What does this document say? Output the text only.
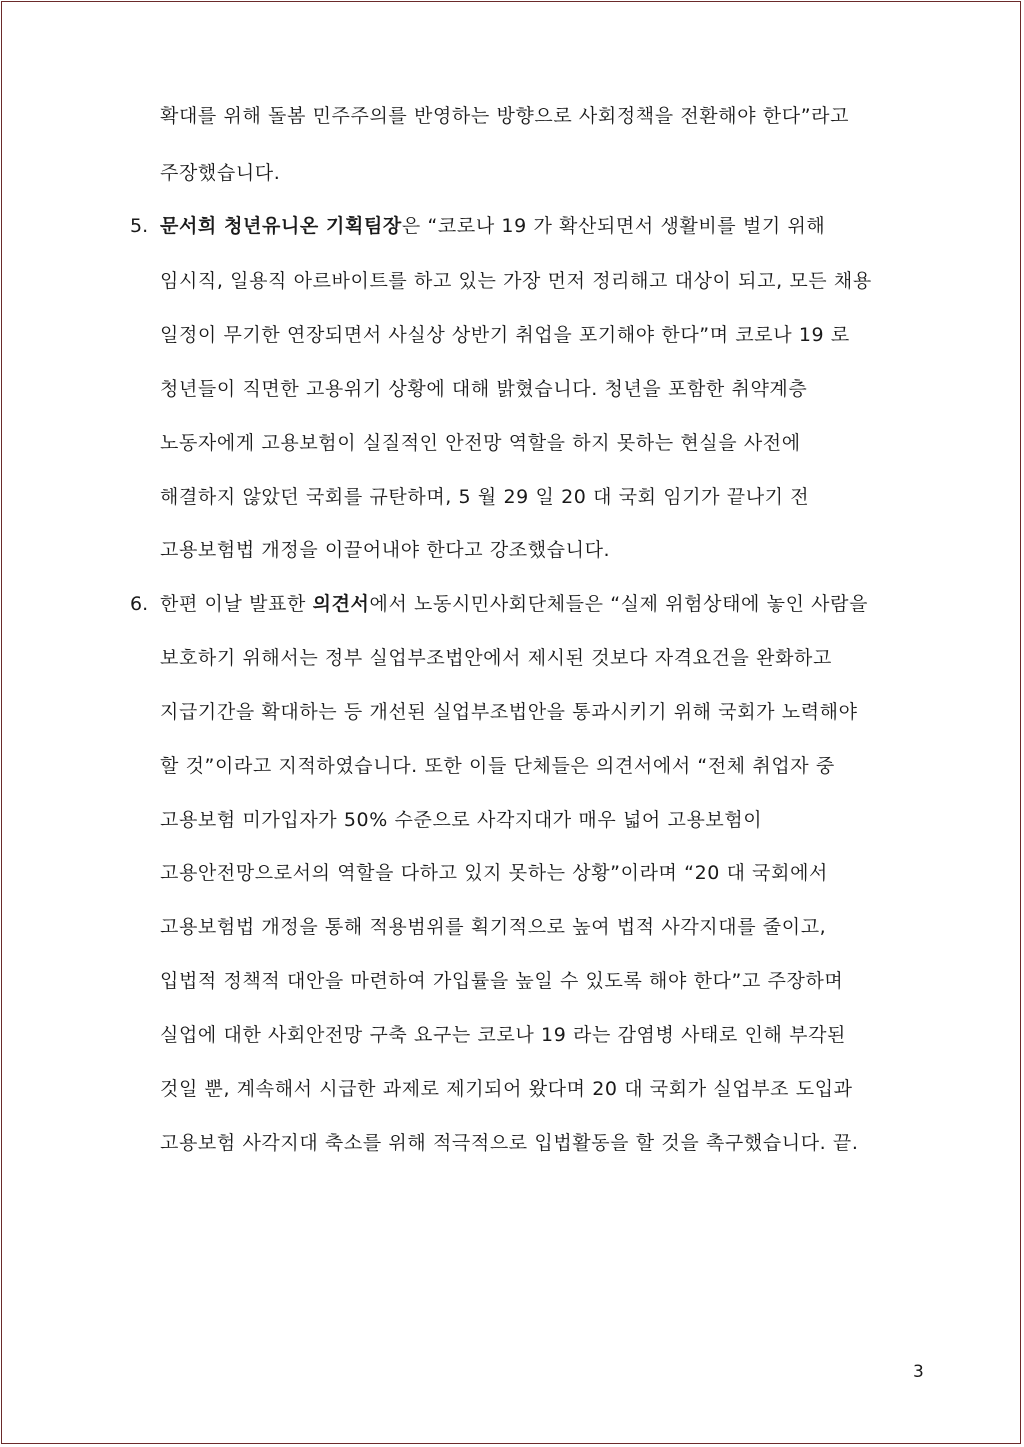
확대를 위해 돌봄 민주주의를 반영하는 방향으로 사회정책을 전환해야 한다”라고
주장했습니다.
5. 문서희 청년유니온 기획팀장은 “코로나 19 가 확산되면서 생활비를 벌기 위해
임시직, 일용직 아르바이트를 하고 있는 가장 먼저 정리해고 대상이 되고, 모든 채용
일정이 무기한 연장되면서 사실상 상반기 취업을 포기해야 한다”며 코로나 19 로
청년들이 직면한 고용위기 상황에 대해 밝혔습니다. 청년을 포함한 취약계층
노동자에게 고용보험이 실질적인 안전망 역할을 하지 못하는 현실을 사전에
해결하지 않았던 국회를 규탄하며, 5 월 29 일 20 대 국회 임기가 끝나기 전
고용보험법 개정을 이끌어내야 한다고 강조했습니다.
6. 한편 이날 발표한 의견서에서 노동시민사회단체들은 “실제 위험상태에 놓인 사람을
보호하기 위해서는 정부 실업부조법안에서 제시된 것보다 자격요건을 완화하고
지급기간을 확대하는 등 개선된 실업부조법안을 통과시키기 위해 국회가 노력해야
할 것”이라고 지적하였습니다. 또한 이들 단체들은 의견서에서 “전체 취업자 중
고용보험 미가입자가 50% 수준으로 사각지대가 매우 넓어 고용보험이
고용안전망으로서의 역할을 다하고 있지 못하는 상황”이라며 “20 대 국회에서
고용보험법 개정을 통해 적용범위를 획기적으로 높여 법적 사각지대를 줄이고,
입법적 정책적 대안을 마련하여 가입률을 높일 수 있도록 해야 한다”고 주장하며
실업에 대한 사회안전망 구축 요구는 코로나 19 라는 감염병 사태로 인해 부각된
것일 뿐, 계속해서 시급한 과제로 제기되어 왔다며 20 대 국회가 실업부조 도입과
고용보험 사각지대 축소를 위해 적극적으로 입법활동을 할 것을 촉구했습니다. 끝.
3
